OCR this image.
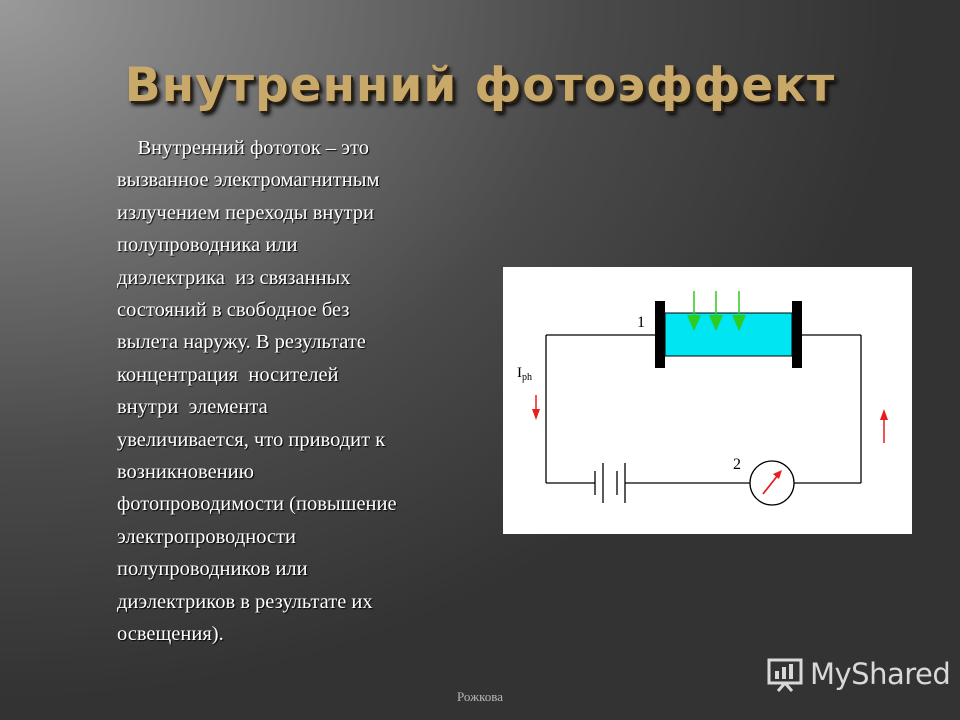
Внутренний фотоэффект
Внутренний фототок – это
вызванное электромагнитным
излучением переходы внутри
полупроводника или
диэлектрика  из связанных
состояний в свободное без
вылета наружу. В результате
концентрация  носителей
внутри  элемента
увеличивается, что приводит к
возникновению
фотопроводимости (повышение
электропроводности
полупроводников или
диэлектриков в результате их
освещения).
1
2
$I_{ph}$
Рожкова
MyShared
